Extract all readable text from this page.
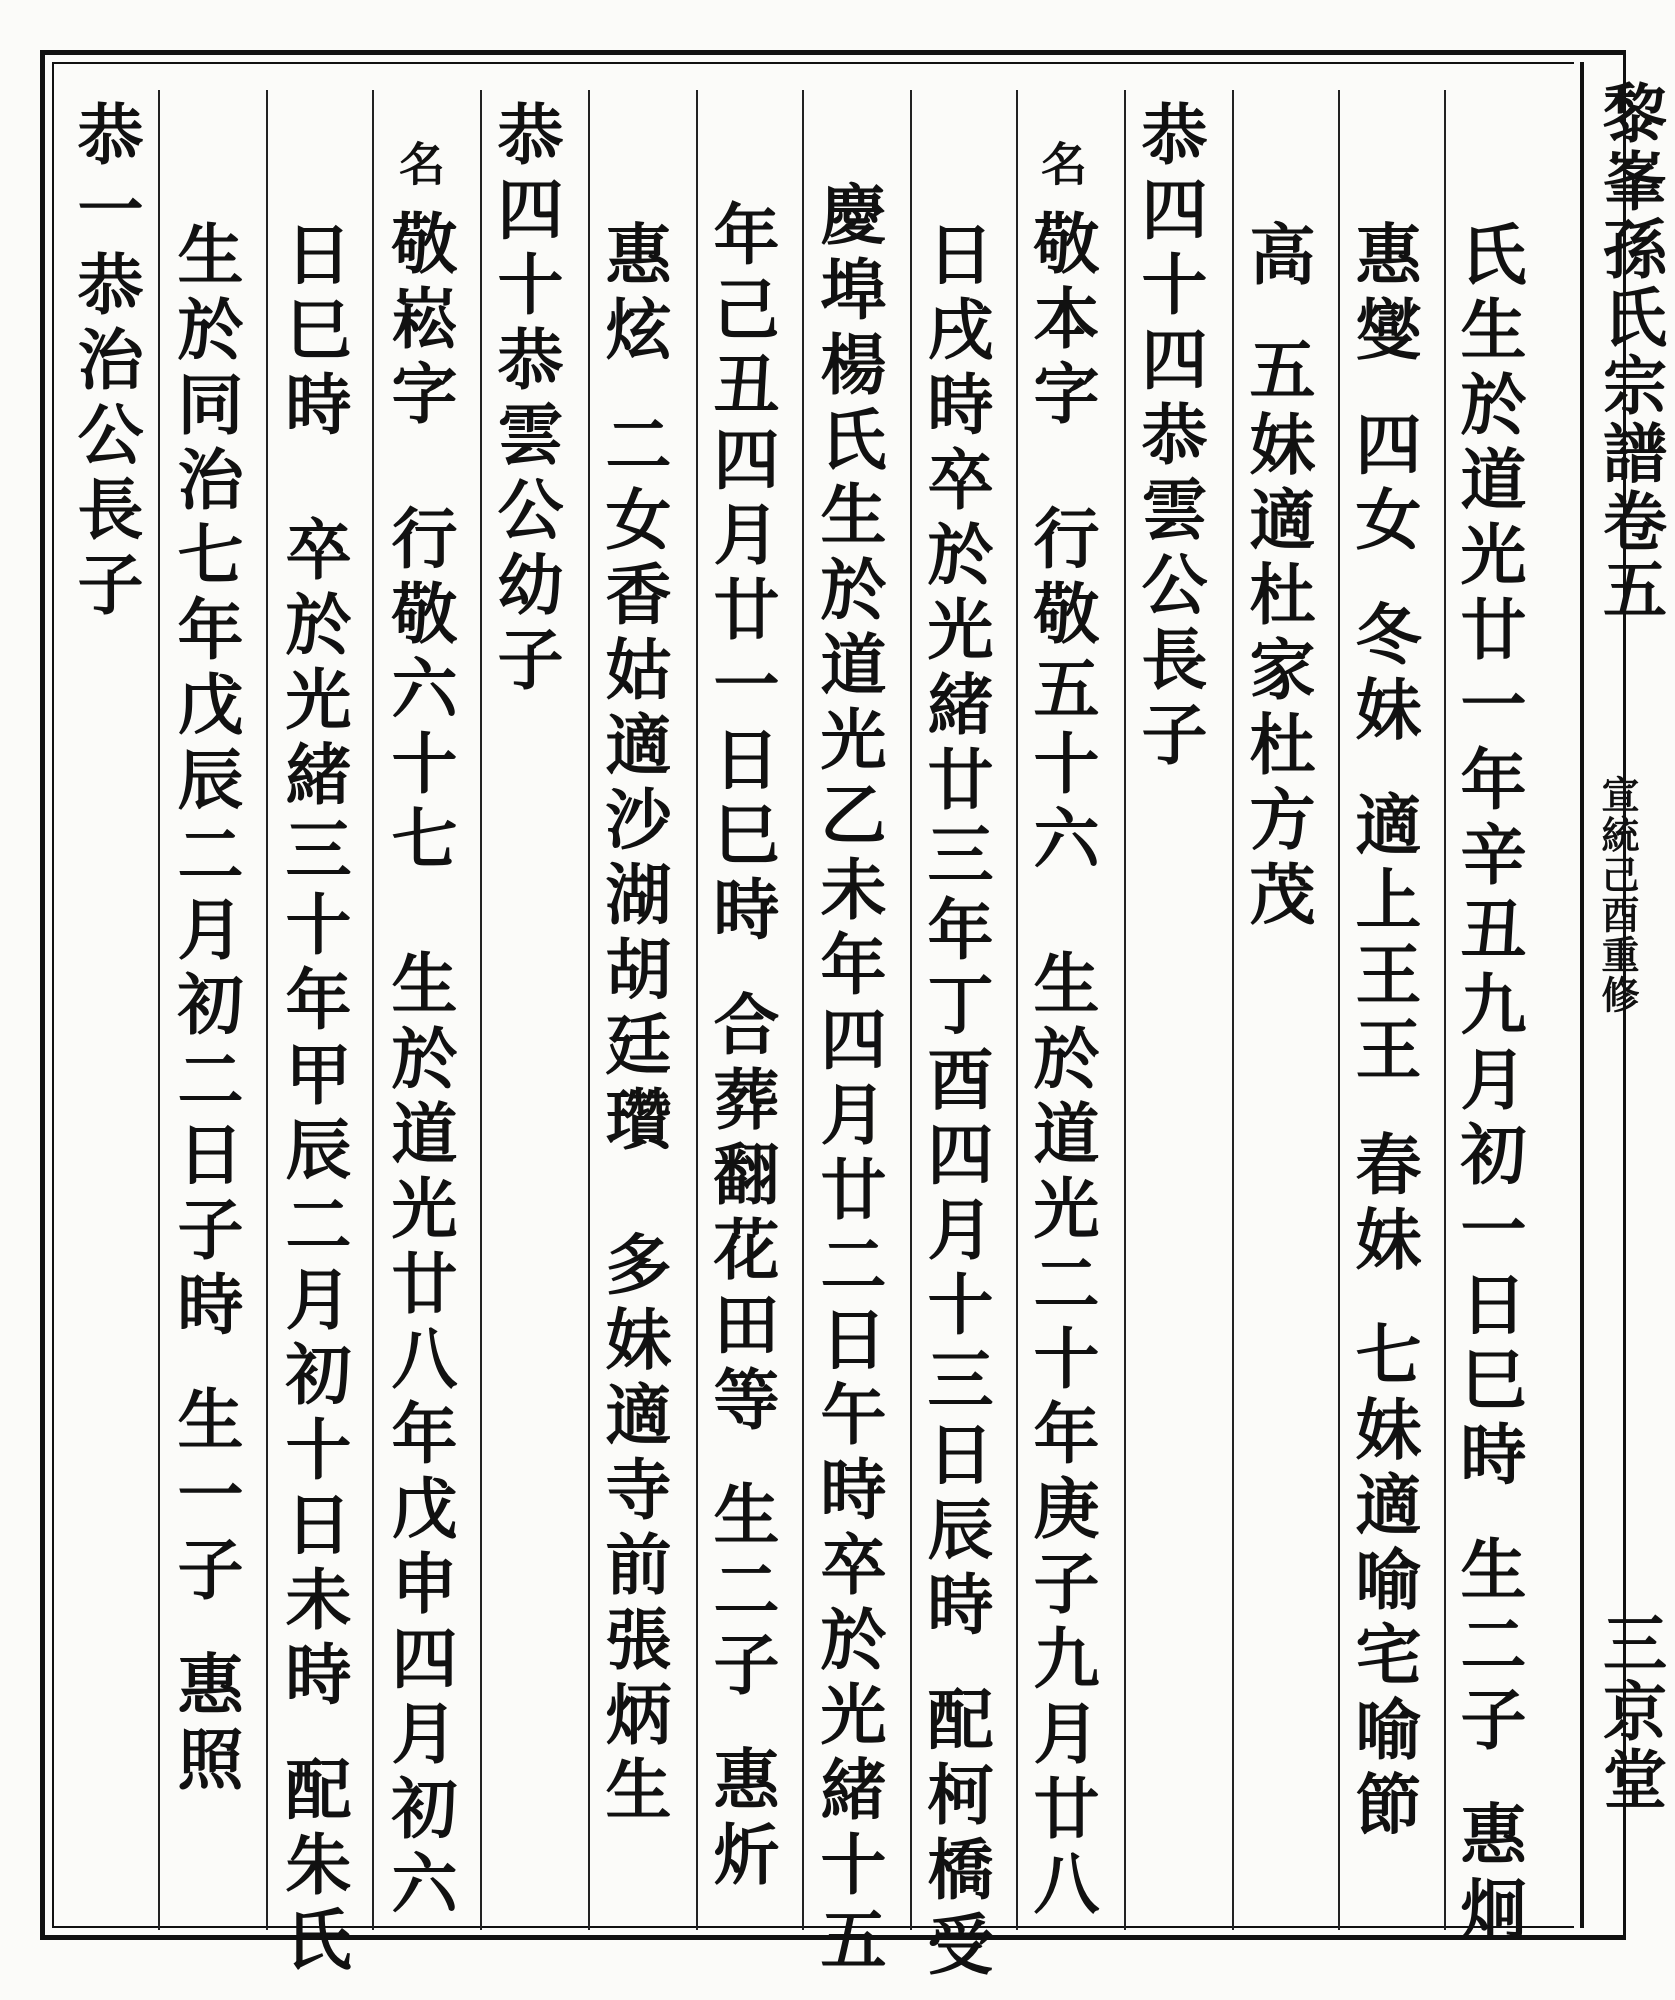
黎峯孫氏宗譜卷五
宣統己酉重修
三京堂
氏生於道光廿一年辛丑九月初一日巳時生二子惠炯
惠燮四女冬妹適上王王春妹七妹適喻宅喻節
高五妹適杜家杜方茂
恭四十四恭雲公長子
名敬本字行敬五十六生於道光二十年庚子九月廿八
日戌時卒於光緒廿三年丁酉四月十三日辰時配柯橋受
慶埠楊氏生於道光乙未年四月廿二日午時卒於光緒十五
年己丑四月廿一日巳時合葬翻花田等生二子惠炘
惠炫二女香姑適沙湖胡廷瓚多妹適寺前張炳生
恭四十恭雲公幼子
名敬崧字行敬六十七生於道光廿八年戊申四月初六
日巳時卒於光緒三十年甲辰二月初十日未時配朱氏
生於同治七年戊辰二月初二日子時生一子惠照
恭一恭治公長子
